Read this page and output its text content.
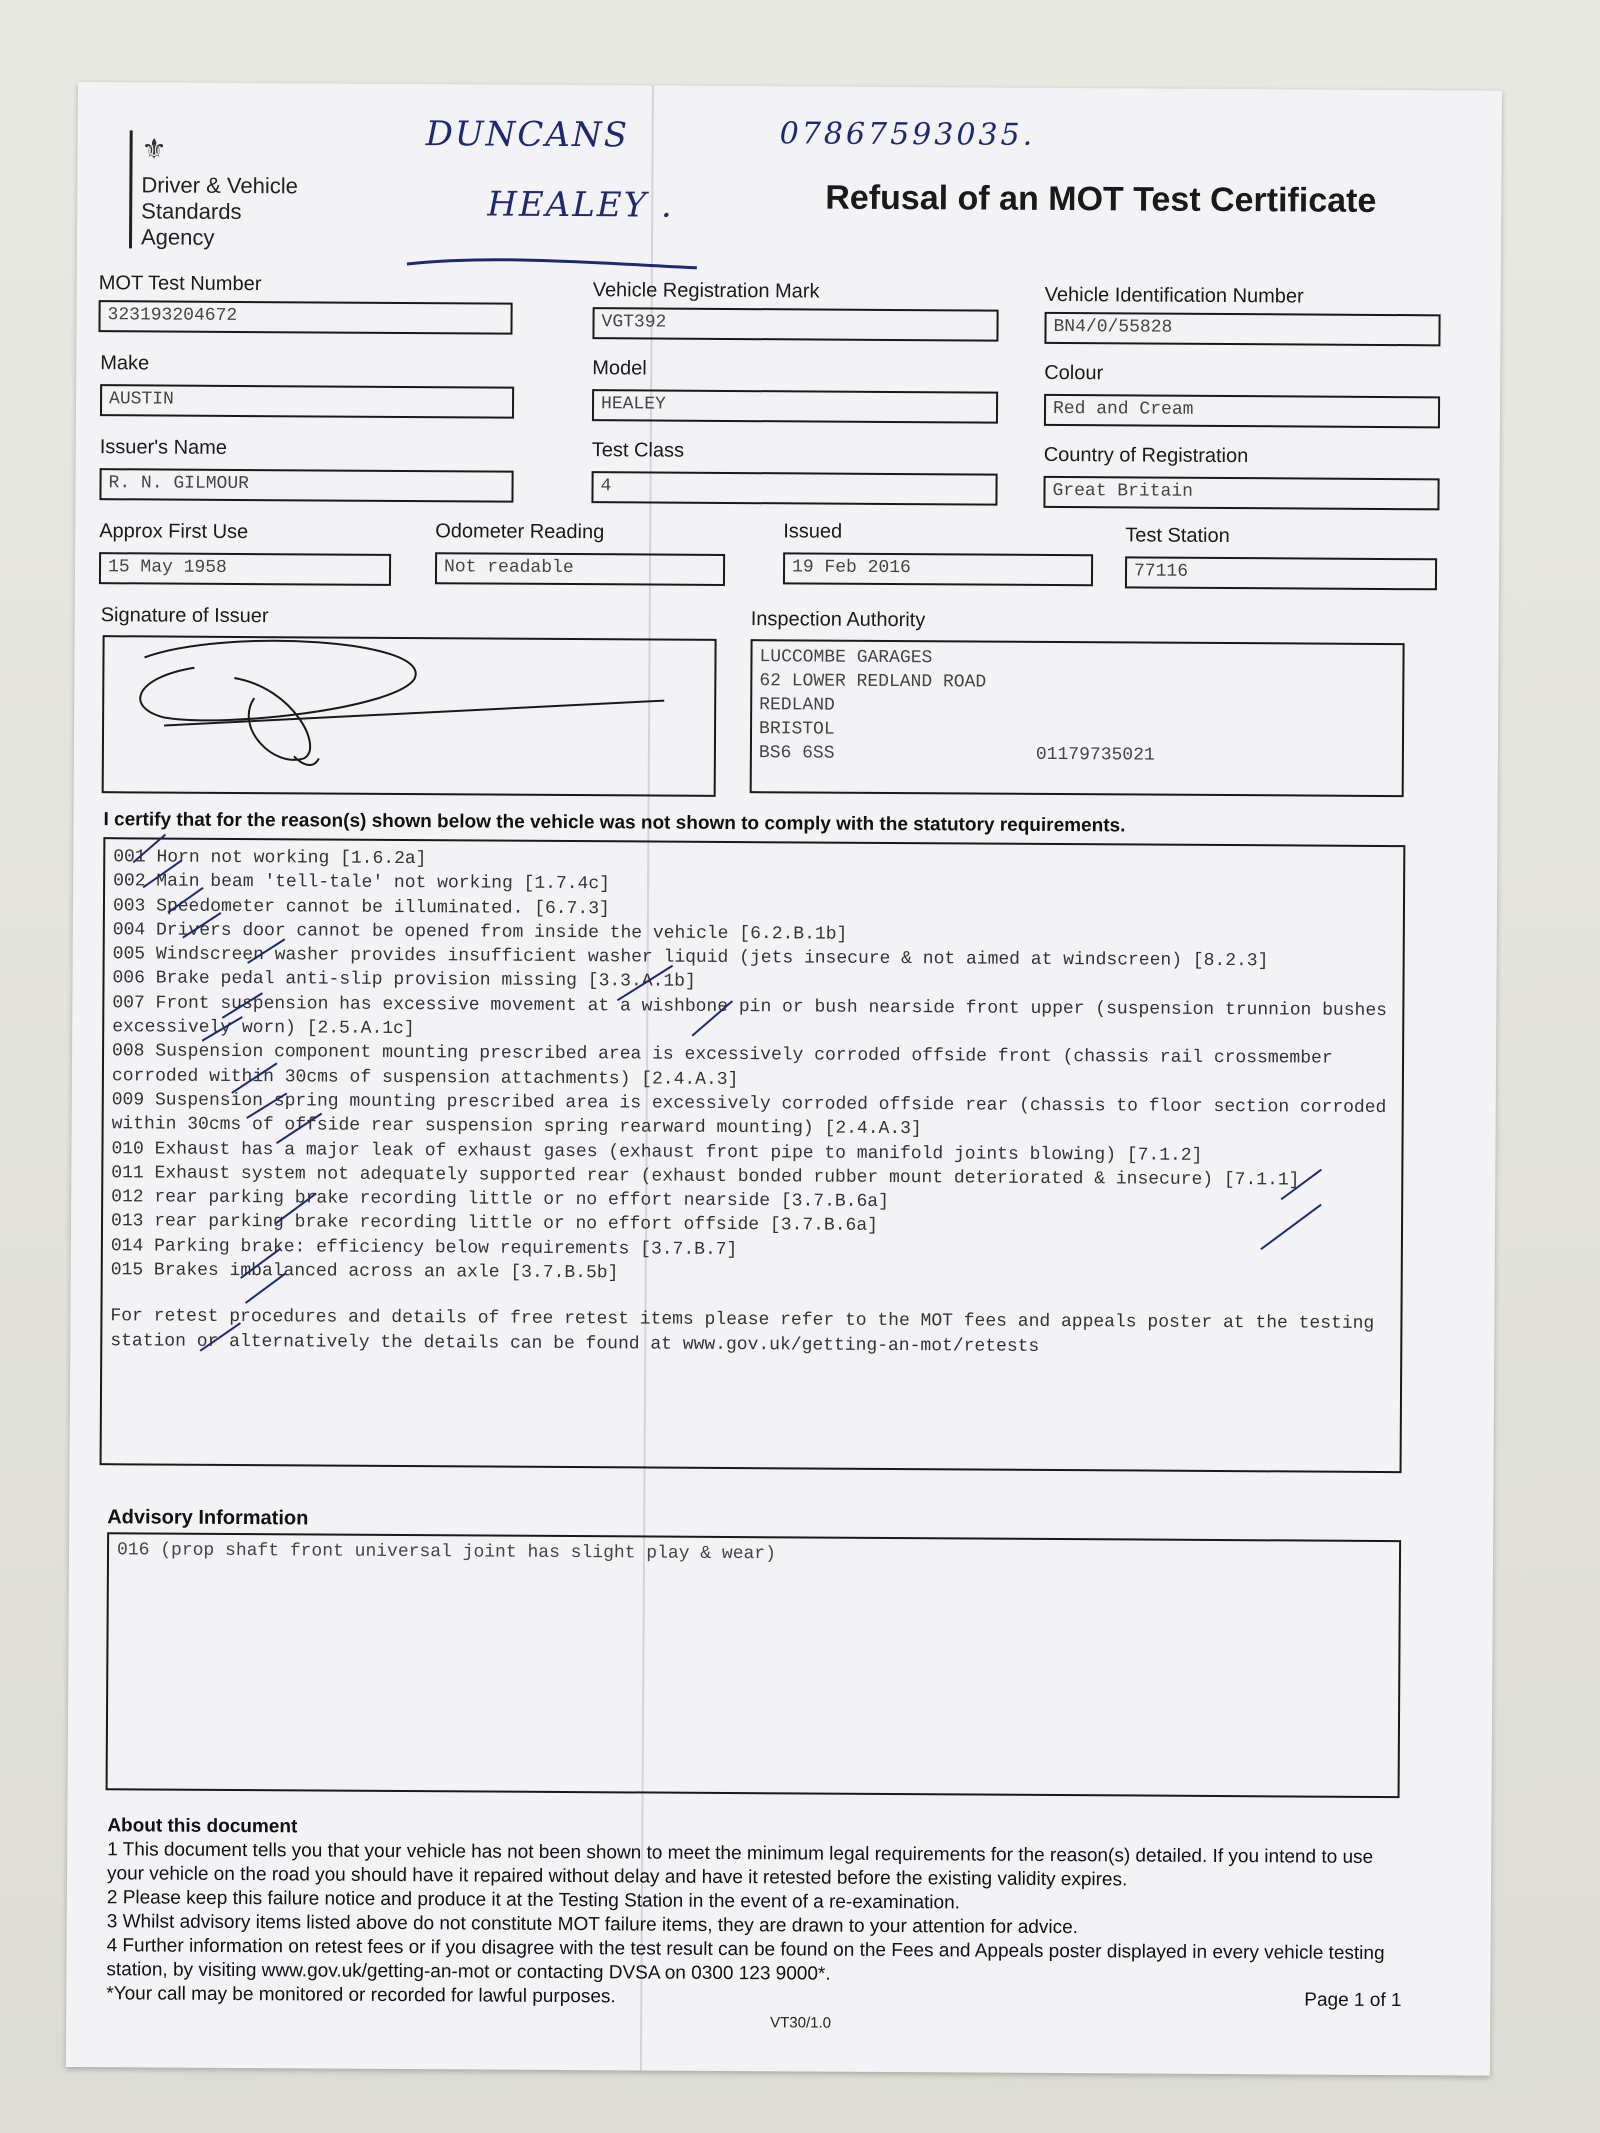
⚜
Driver & Vehicle
Standards
Agency
DUNCANS
HEALEY .
07867593035.
Refusal of an MOT Test Certificate
MOT Test Number
323193204672
Vehicle Registration Mark
VGT392
Vehicle Identification Number
BN4/0/55828
Make
AUSTIN
Model
HEALEY
Colour
Red and Cream
Issuer's Name
R. N. GILMOUR
Test Class
4
Country of Registration
Great Britain
Approx First Use
15 May 1958
Odometer Reading
Not readable
Issued
19 Feb 2016
Test Station
77116
Signature of Issuer	Inspection Authority
LUCCOMBE GARAGES
62 LOWER REDLAND ROAD
REDLAND
BRISTOL
BS6 6SS	01179735021
I certify that for the reason(s) shown below the vehicle was not shown to comply with the statutory requirements.
001 Horn not working [1.6.2a]
002 Main beam 'tell-tale' not working [1.7.4c]
003 Speedometer cannot be illuminated. [6.7.3]
004 Drivers door cannot be opened from inside the vehicle [6.2.B.1b]
005 Windscreen washer provides insufficient washer liquid (jets insecure & not aimed at windscreen) [8.2.3]
006 Brake pedal anti-slip provision missing [3.3.A.1b]
007 Front suspension has excessive movement at a wishbone pin or bush nearside front upper (suspension trunnion bushes excessively worn) [2.5.A.1c]
008 Suspension component mounting prescribed area is excessively corroded offside front (chassis rail crossmember corroded within 30cms of suspension attachments) [2.4.A.3]
009 Suspension spring mounting prescribed area is excessively corroded offside rear (chassis to floor section corroded within 30cms of offside rear suspension spring rearward mounting) [2.4.A.3]
010 Exhaust has a major leak of exhaust gases (exhaust front pipe to manifold joints blowing) [7.1.2]
011 Exhaust system not adequately supported rear (exhaust bonded rubber mount deteriorated & insecure) [7.1.1]
012 rear parking brake recording little or no effort nearside [3.7.B.6a]
013 rear parking brake recording little or no effort offside [3.7.B.6a]
014 Parking brake: efficiency below requirements [3.7.B.7]
015 Brakes imbalanced across an axle [3.7.B.5b]
For retest procedures and details of free retest items please refer to the MOT fees and appeals poster at the testing station or alternatively the details can be found at www.gov.uk/getting-an-mot/retests
Advisory Information
016 (prop shaft front universal joint has slight play & wear)
About this document
1 This document tells you that your vehicle has not been shown to meet the minimum legal requirements for the reason(s) detailed. If you intend to use your vehicle on the road you should have it repaired without delay and have it retested before the existing validity expires.
2 Please keep this failure notice and produce it at the Testing Station in the event of a re-examination.
3 Whilst advisory items listed above do not constitute MOT failure items, they are drawn to your attention for advice.
4 Further information on retest fees or if you disagree with the test result can be found on the Fees and Appeals poster displayed in every vehicle testing station, by visiting www.gov.uk/getting-an-mot or contacting DVSA on 0300 123 9000*.
*Your call may be monitored or recorded for lawful purposes.	Page 1 of 1
VT30/1.0
